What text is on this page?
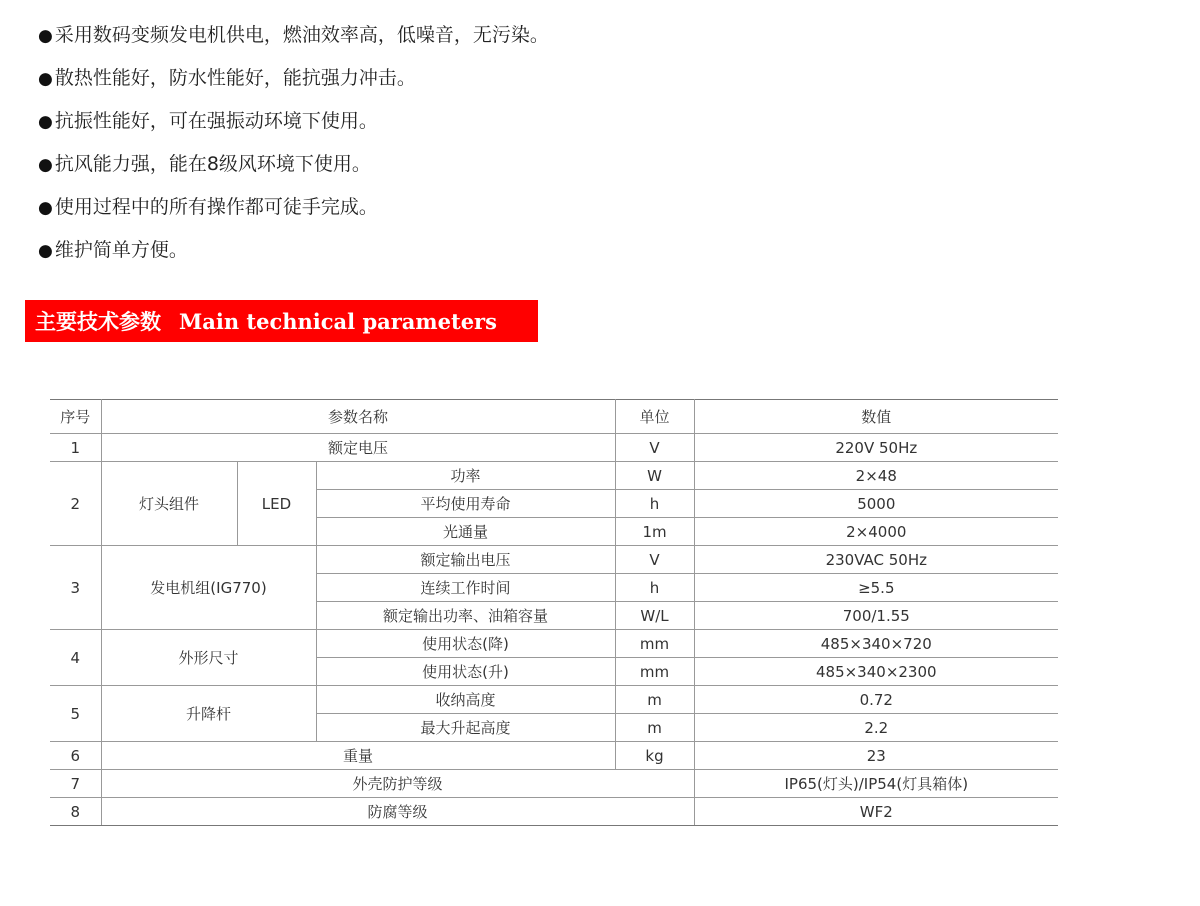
● 采用数码变频发电机供电，燃油效率高，低噪音，无污染。
● 散热性能好，防水性能好，能抗强力冲击。
● 抗振性能好，可在强振动环境下使用。
● 抗风能力强，能在8级风环境下使用。
● 使用过程中的所有操作都可徒手完成。
● 维护简单方便。
主要技术参数 Main technical parameters
序号	参数名称			单位	数值
1	额定电压			V	220V 50Hz
2	灯头组件	LED	功率	W	2×48
			平均使用寿命	h	5000
			光通量	1m	2×4000
3	发电机组(IG770)		额定输出电压	V	230VAC 50Hz
			连续工作时间	h	≥5.5
			额定输出功率、油箱容量	W/L	700/1.55
4	外形尺寸		使用状态(降)	mm	485×340×720
			使用状态(升)	mm	485×340×2300
5	升降杆		收纳高度	m	0.72
			最大升起高度	m	2.2
6	重量			kg	23
7	外壳防护等级				IP65(灯头)/IP54(灯具箱体)
8	防腐等级				WF2
